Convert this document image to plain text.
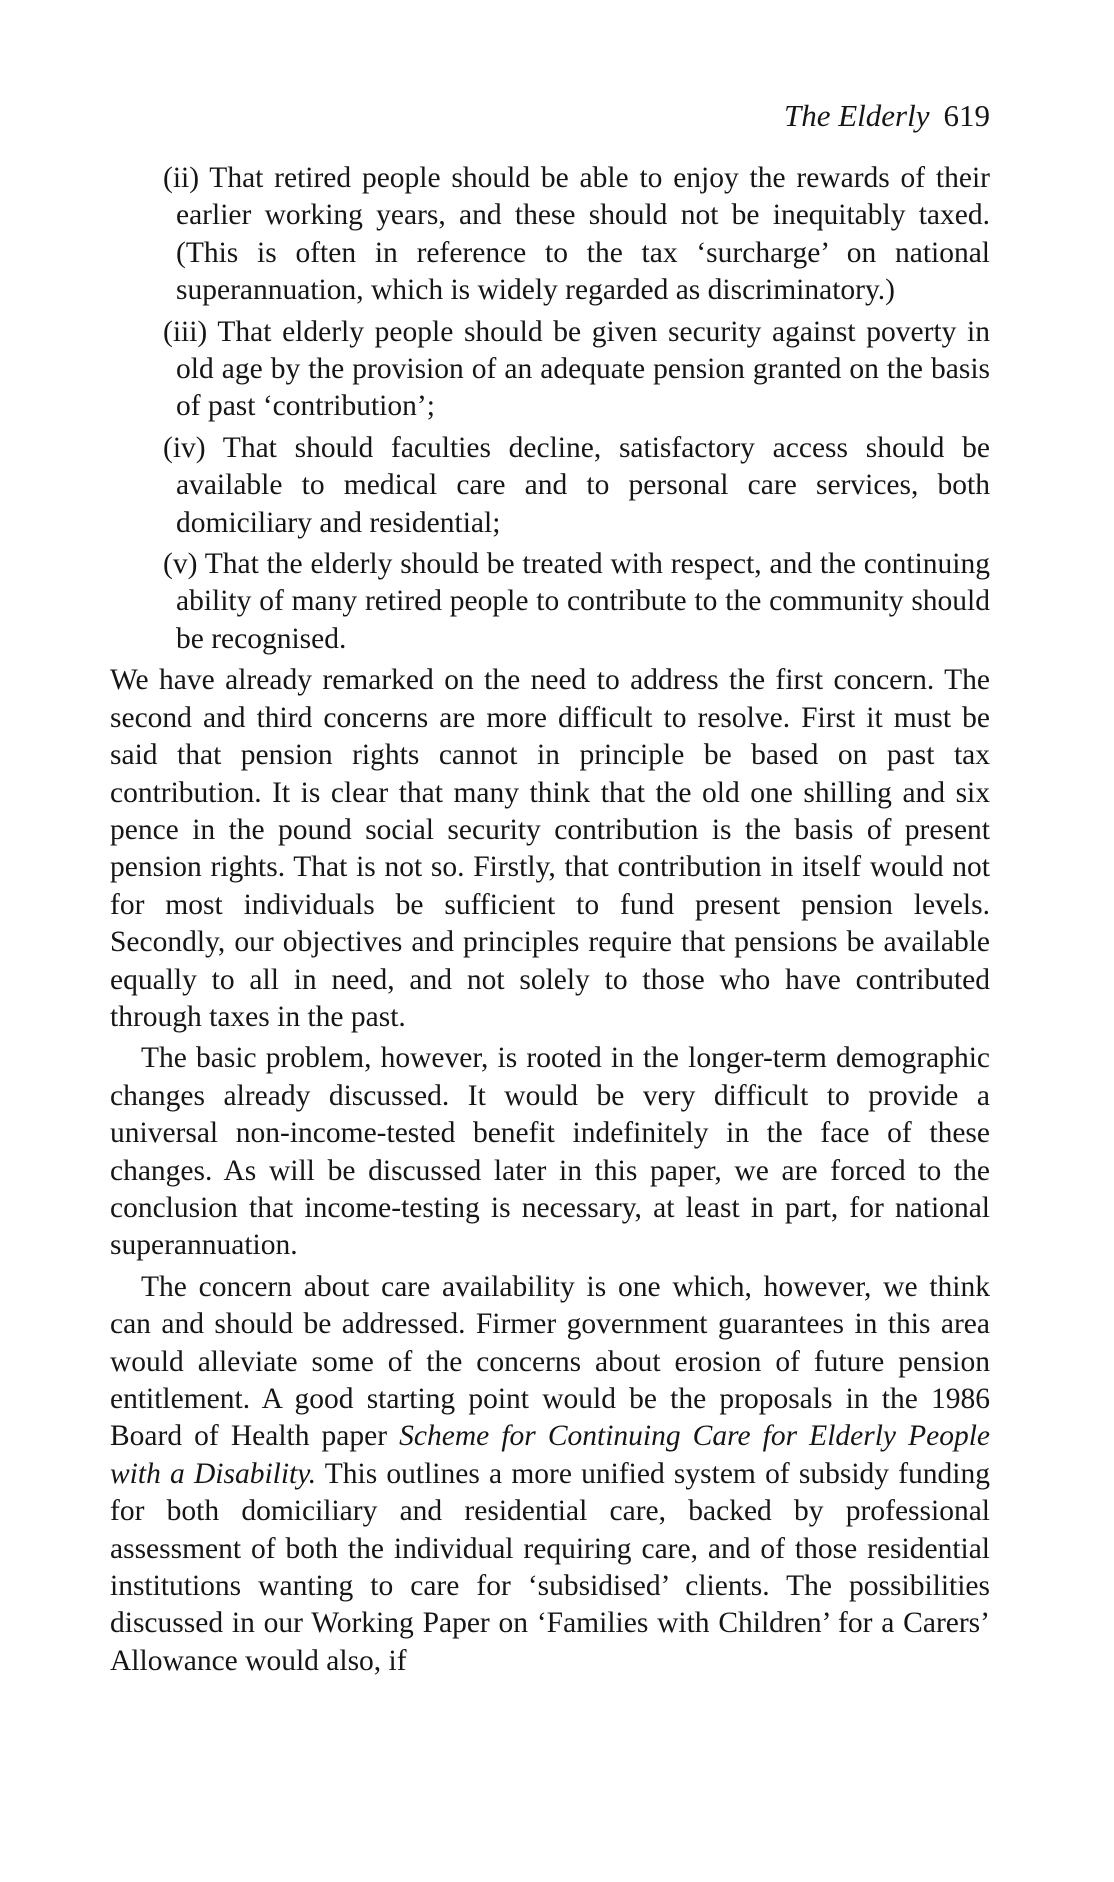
The Elderly 619

(ii) That retired people should be able to enjoy the rewards of their earlier working years, and these should not be inequitably taxed. (This is often in reference to the tax ‘surcharge’ on national superannuation, which is widely regarded as discriminatory.)

(iii) That elderly people should be given security against poverty in old age by the provision of an adequate pension granted on the basis of past ‘contribution’;

(iv) That should faculties decline, satisfactory access should be available to medical care and to personal care services, both domiciliary and residential;

(v) That the elderly should be treated with respect, and the continuing ability of many retired people to contribute to the community should be recognised.

We have already remarked on the need to address the first concern. The second and third concerns are more difficult to resolve. First it must be said that pension rights cannot in principle be based on past tax contribution. It is clear that many think that the old one shilling and six pence in the pound social security contribution is the basis of present pension rights. That is not so. Firstly, that contribution in itself would not for most individuals be sufficient to fund present pension levels. Secondly, our objectives and principles require that pensions be available equally to all in need, and not solely to those who have contributed through taxes in the past.

The basic problem, however, is rooted in the longer-term demographic changes already discussed. It would be very difficult to provide a universal non-income-tested benefit indefinitely in the face of these changes. As will be discussed later in this paper, we are forced to the conclusion that income-testing is necessary, at least in part, for national superannuation.

The concern about care availability is one which, however, we think can and should be addressed. Firmer government guarantees in this area would alleviate some of the concerns about erosion of future pension entitlement. A good starting point would be the proposals in the 1986 Board of Health paper Scheme for Continuing Care for Elderly People with a Disability. This outlines a more unified system of subsidy funding for both domiciliary and residential care, backed by professional assessment of both the individual requiring care, and of those residential institutions wanting to care for ‘subsidised’ clients. The possibilities discussed in our Working Paper on ‘Families with Children’ for a Carers’ Allowance would also, if
